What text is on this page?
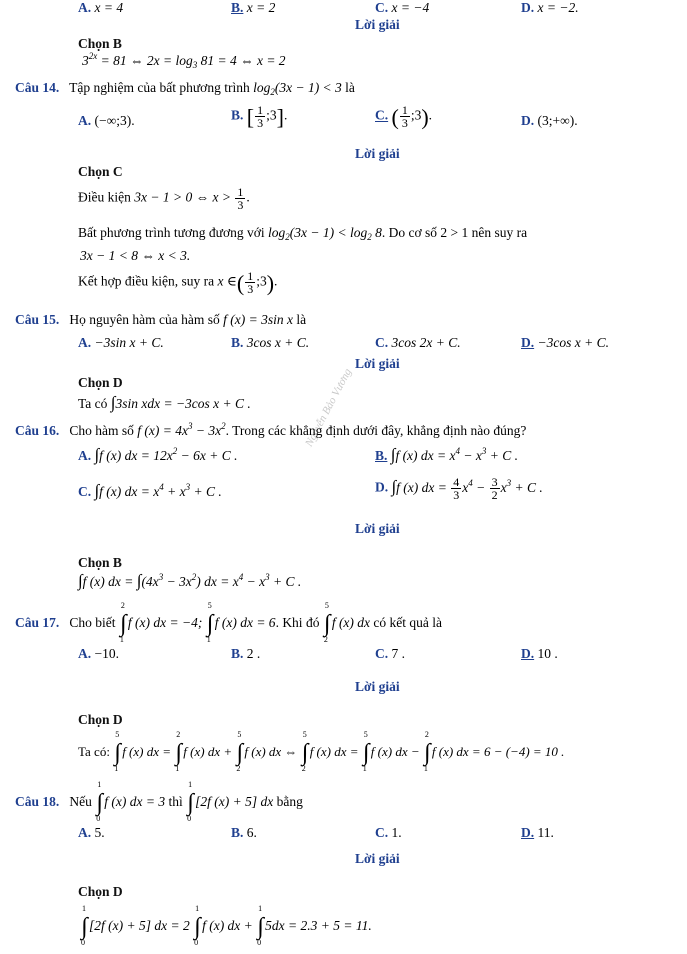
Nguyễn Bảo Vương
A. x = 4	B. x = 2	C. x = −4	D. x = −2.
Lời giải
Chọn B
$3^{2x} = 81$ ⇔ $2x = \log_3 81 = 4$ ⇔ x = 2
Câu 14. Tập nghiệm của bất phương trình $\log_2(3x - 1) < 3$ là
A. (−∞;3).	B. [ $\frac{1}{3}$ ;3].	C. ( $\frac{1}{3}$ ;3).	D. (3;+∞).
Lời giải
Chọn C
Điều kiện 3x − 1 > 0 ⇔ $x > \frac{1}{3}$ .
Bất phương trình tương đương với $\log_2(3x - 1) < \log_2 8$. Do cơ số 2 > 1 nên suy ra
3x − 1 < 8 ⇔ x < 3.
Kết hợp điều kiện, suy ra x ∈( $\frac{1}{3}$ ;3).
Câu 15. Họ nguyên hàm của hàm số f (x) = 3sin x là
A. −3sin x + C.	B. 3cos x + C.	C. 3cos 2x + C.	D. −3cos x + C.
Lời giải
Chọn D
Ta có ∫3sin xdx = −3cos x + C .
Câu 16. Cho hàm số f $(x) = 4x^3 - 3x^2$. Trong các khẳng định dưới đây, khẳng định nào đúng?
A. ∫f (x) dx = $12x^2 - 6x + C$ .	B. ∫f (x) dx = $x^4 - x^3 + C$ .
C. ∫f (x) dx = $x^4 + x^3 + C$ .	D. ∫f (x) dx = $\frac{4}{3} x^4 - \frac{3}{2} x^3 + C$ .
Lời giải
Chọn B
∫f (x) dx = $\int(4x^3 - 3x^2)$ dx = $x^4 - x^3 + C$ .
Câu 17. Cho biết
2
∫
1
f (x) dx = −4;
5
∫
1
f (x) dx = 6. Khi đó
5
∫
2
f (x) dx có kết quả là
A. −10.	B. 2 .	C. 7 .	D. 10 .
Lời giải
Chọn D
Ta có:
5
∫
1
f (x) dx =
2
∫
1
f (x) dx +
5
∫
2
f (x) dx ⇔
5
∫
2
f (x) dx =
5
∫
1
f (x) dx −
2
∫
1
f (x) dx = 6 − (−4) = 10 .
Câu 18. Nếu
1
∫
0
f (x) dx = 3 thì
1
∫
0
[2f (x) + 5] dx bằng
A. 5.	B. 6.	C. 1.	D. 11.
Lời giải
Chọn D
1
∫
0
[2f (x) + 5] dx = 2
1
∫
0
f (x) dx +
1
∫
0
5dx = 2.3 + 5 = 11.
